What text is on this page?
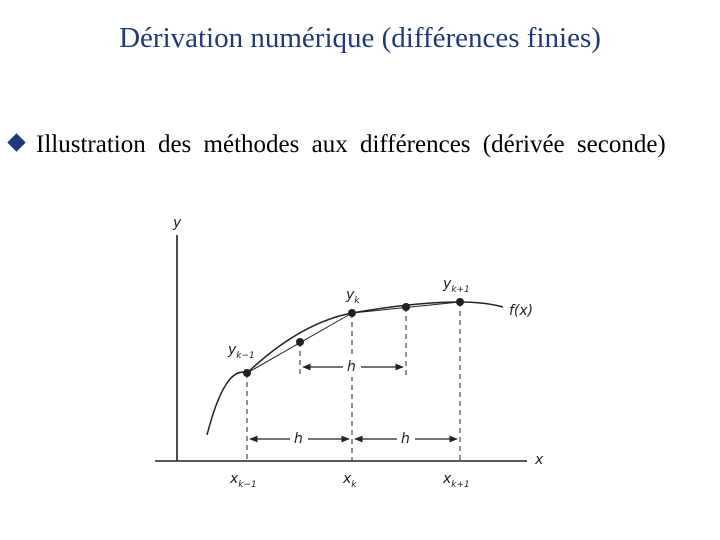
Dérivation numérique (différences finies)
Illustration des méthodes aux différences (dérivée seconde)
y
x
f(x)
h
h	h
$y_{k-1}$
$y_k$
$y_{k+1}$
$x_{k-1}$	$x_k$	$x_{k+1}$
